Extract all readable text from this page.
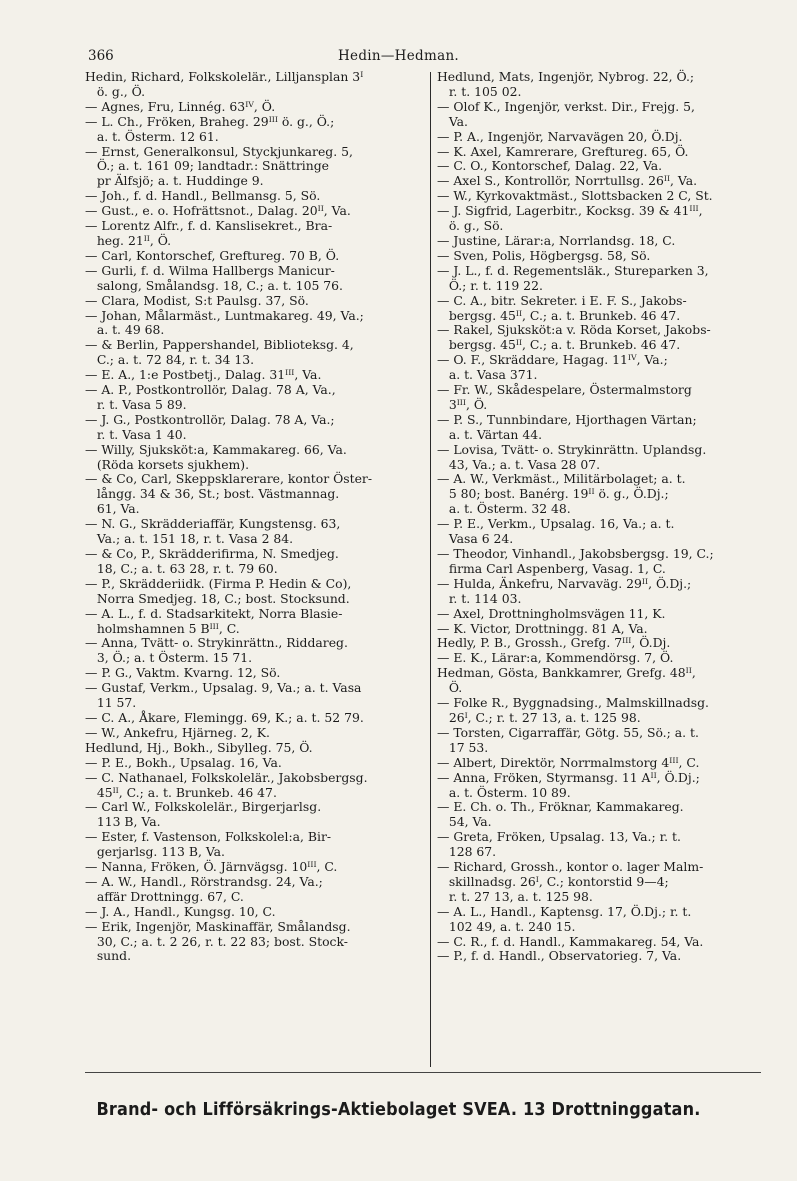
366	Hedin—Hedman.
Hedin, Richard, Folkskolelär., Lilljansplan 3ᴵ
ö. g., Ö.
— Agnes, Fru, Linnég. 63ᴵⱽ, Ö.
— L. Ch., Fröken, Braheg. 29ᴵᴵᴵ ö. g., Ö.;
a. t. Österm. 12 61.
— Ernst, Generalkonsul, Styckjunkareg. 5,
Ö.; a. t. 161 09; landtadr.: Snättringe
pr Älfsjö; a. t. Huddinge 9.
— Joh., f. d. Handl., Bellmansg. 5, Sö.
— Gust., e. o. Hofrättsnot., Dalag. 20ᴵᴵ, Va.
— Lorentz Alfr., f. d. Kanslisekret., Bra-
heg. 21ᴵᴵ, Ö.
— Carl, Kontorschef, Greftureg. 70 B, Ö.
— Gurli, f. d. Wilma Hallbergs Manicur-
salong, Smålandsg. 18, C.; a. t. 105 76.
— Clara, Modist, S:t Paulsg. 37, Sö.
— Johan, Målarmäst., Luntmakareg. 49, Va.;
a. t. 49 68.
— & Berlin, Pappershandel, Biblioteksg. 4,
C.; a. t. 72 84, r. t. 34 13.
— E. A., 1:e Postbetj., Dalag. 31ᴵᴵᴵ, Va.
— A. P., Postkontrollör, Dalag. 78 A, Va.,
r. t. Vasa 5 89.
— J. G., Postkontrollör, Dalag. 78 A, Va.;
r. t. Vasa 1 40.
— Willy, Sjuksköt:a, Kammakareg. 66, Va.
(Röda korsets sjukhem).
— & Co, Carl, Skeppsklarerare, kontor Öster-
långg. 34 & 36, St.; bost. Västmannag.
61, Va.
— N. G., Skrädderiaffär, Kungstensg. 63,
Va.; a. t. 151 18, r. t. Vasa 2 84.
— & Co, P., Skrädderifirma, N. Smedjeg.
18, C.; a. t. 63 28, r. t. 79 60.
— P., Skrädderiidk. (Firma P. Hedin & Co),
Norra Smedjeg. 18, C.; bost. Stocksund.
— A. L., f. d. Stadsarkitekt, Norra Blasie-
holmshamnen 5 Bᴵᴵᴵ, C.
— Anna, Tvätt- o. Strykinrättn., Riddareg.
3, Ö.; a. t Österm. 15 71.
— P. G., Vaktm. Kvarng. 12, Sö.
— Gustaf, Verkm., Upsalag. 9, Va.; a. t. Vasa
11 57.
— C. A., Åkare, Flemingg. 69, K.; a. t. 52 79.
— W., Ankefru, Hjärneg. 2, K.
Hedlund, Hj., Bokh., Sibylleg. 75, Ö.
— P. E., Bokh., Upsalag. 16, Va.
— C. Nathanael, Folkskolelär., Jakobsbergsg.
45ᴵᴵ, C.; a. t. Brunkeb. 46 47.
— Carl W., Folkskolelär., Birgerjarlsg.
113 B, Va.
— Ester, f. Vastenson, Folkskolel:a, Bir-
gerjarlsg. 113 B, Va.
— Nanna, Fröken, Ö. Järnvägsg. 10ᴵᴵᴵ, C.
— A. W., Handl., Rörstrandsg. 24, Va.;
affär Drottningg. 67, C.
— J. A., Handl., Kungsg. 10, C.
— Erik, Ingenjör, Maskinaffär, Smålandsg.
30, C.; a. t. 2 26, r. t. 22 83; bost. Stock-
sund.
Hedlund, Mats, Ingenjör, Nybrog. 22, Ö.;
r. t. 105 02.
— Olof K., Ingenjör, verkst. Dir., Frejg. 5,
Va.
— P. A., Ingenjör, Narvavägen 20, Ö.Dj.
— K. Axel, Kamrerare, Greftureg. 65, Ö.
— C. O., Kontorschef, Dalag. 22, Va.
— Axel S., Kontrollör, Norrtullsg. 26ᴵᴵ, Va.
— W., Kyrkovaktmäst., Slottsbacken 2 C, St.
— J. Sigfrid, Lagerbitr., Kocksg. 39 & 41ᴵᴵᴵ,
ö. g., Sö.
— Justine, Lärar:a, Norrlandsg. 18, C.
— Sven, Polis, Högbergsg. 58, Sö.
— J. L., f. d. Regementsläk., Stureparken 3,
Ö.; r. t. 119 22.
— C. A., bitr. Sekreter. i E. F. S., Jakobs-
bergsg. 45ᴵᴵ, C.; a. t. Brunkeb. 46 47.
— Rakel, Sjuksköt:a v. Röda Korset, Jakobs-
bergsg. 45ᴵᴵ, C.; a. t. Brunkeb. 46 47.
— O. F., Skräddare, Hagag. 11ᴵⱽ, Va.;
a. t. Vasa 371.
— Fr. W., Skådespelare, Östermalmstorg
3ᴵᴵᴵ, Ö.
— P. S., Tunnbindare, Hjorthagen Värtan;
a. t. Värtan 44.
— Lovisa, Tvätt- o. Strykinrättn. Uplandsg.
43, Va.; a. t. Vasa 28 07.
— A. W., Verkmäst., Militärbolaget; a. t.
5 80; bost. Banérg. 19ᴵᴵ ö. g., Ö.Dj.;
a. t. Österm. 32 48.
— P. E., Verkm., Upsalag. 16, Va.; a. t.
Vasa 6 24.
— Theodor, Vinhandl., Jakobsbergsg. 19, C.;
firma Carl Aspenberg, Vasag. 1, C.
— Hulda, Änkefru, Narvaväg. 29ᴵᴵ, Ö.Dj.;
r. t. 114 03.
— Axel, Drottningholmsvägen 11, K.
— K. Victor, Drottningg. 81 A, Va.
Hedly, P. B., Grossh., Grefg. 7ᴵᴵᴵ, Ö.Dj.
— E. K., Lärar:a, Kommendörsg. 7, Ö.
Hedman, Gösta, Bankkamrer, Grefg. 48ᴵᴵ,
Ö.
— Folke R., Byggnadsing., Malmskillnadsg.
26ᴵ, C.; r. t. 27 13, a. t. 125 98.
— Torsten, Cigarraffär, Götg. 55, Sö.; a. t.
17 53.
— Albert, Direktör, Norrmalmstorg 4ᴵᴵᴵ, C.
— Anna, Fröken, Styrmansg. 11 Aᴵᴵ, Ö.Dj.;
a. t. Österm. 10 89.
— E. Ch. o. Th., Fröknar, Kammakareg.
54, Va.
— Greta, Fröken, Upsalag. 13, Va.; r. t.
128 67.
— Richard, Grossh., kontor o. lager Malm-
skillnadsg. 26ᴵ, C.; kontorstid 9—4;
r. t. 27 13, a. t. 125 98.
— A. L., Handl., Kaptensg. 17, Ö.Dj.; r. t.
102 49, a. t. 240 15.
— C. R., f. d. Handl., Kammakareg. 54, Va.
— P., f. d. Handl., Observatorieg. 7, Va.
Brand- och Lifförsäkrings-Aktiebolaget SVEA. 13 Drottninggatan.
